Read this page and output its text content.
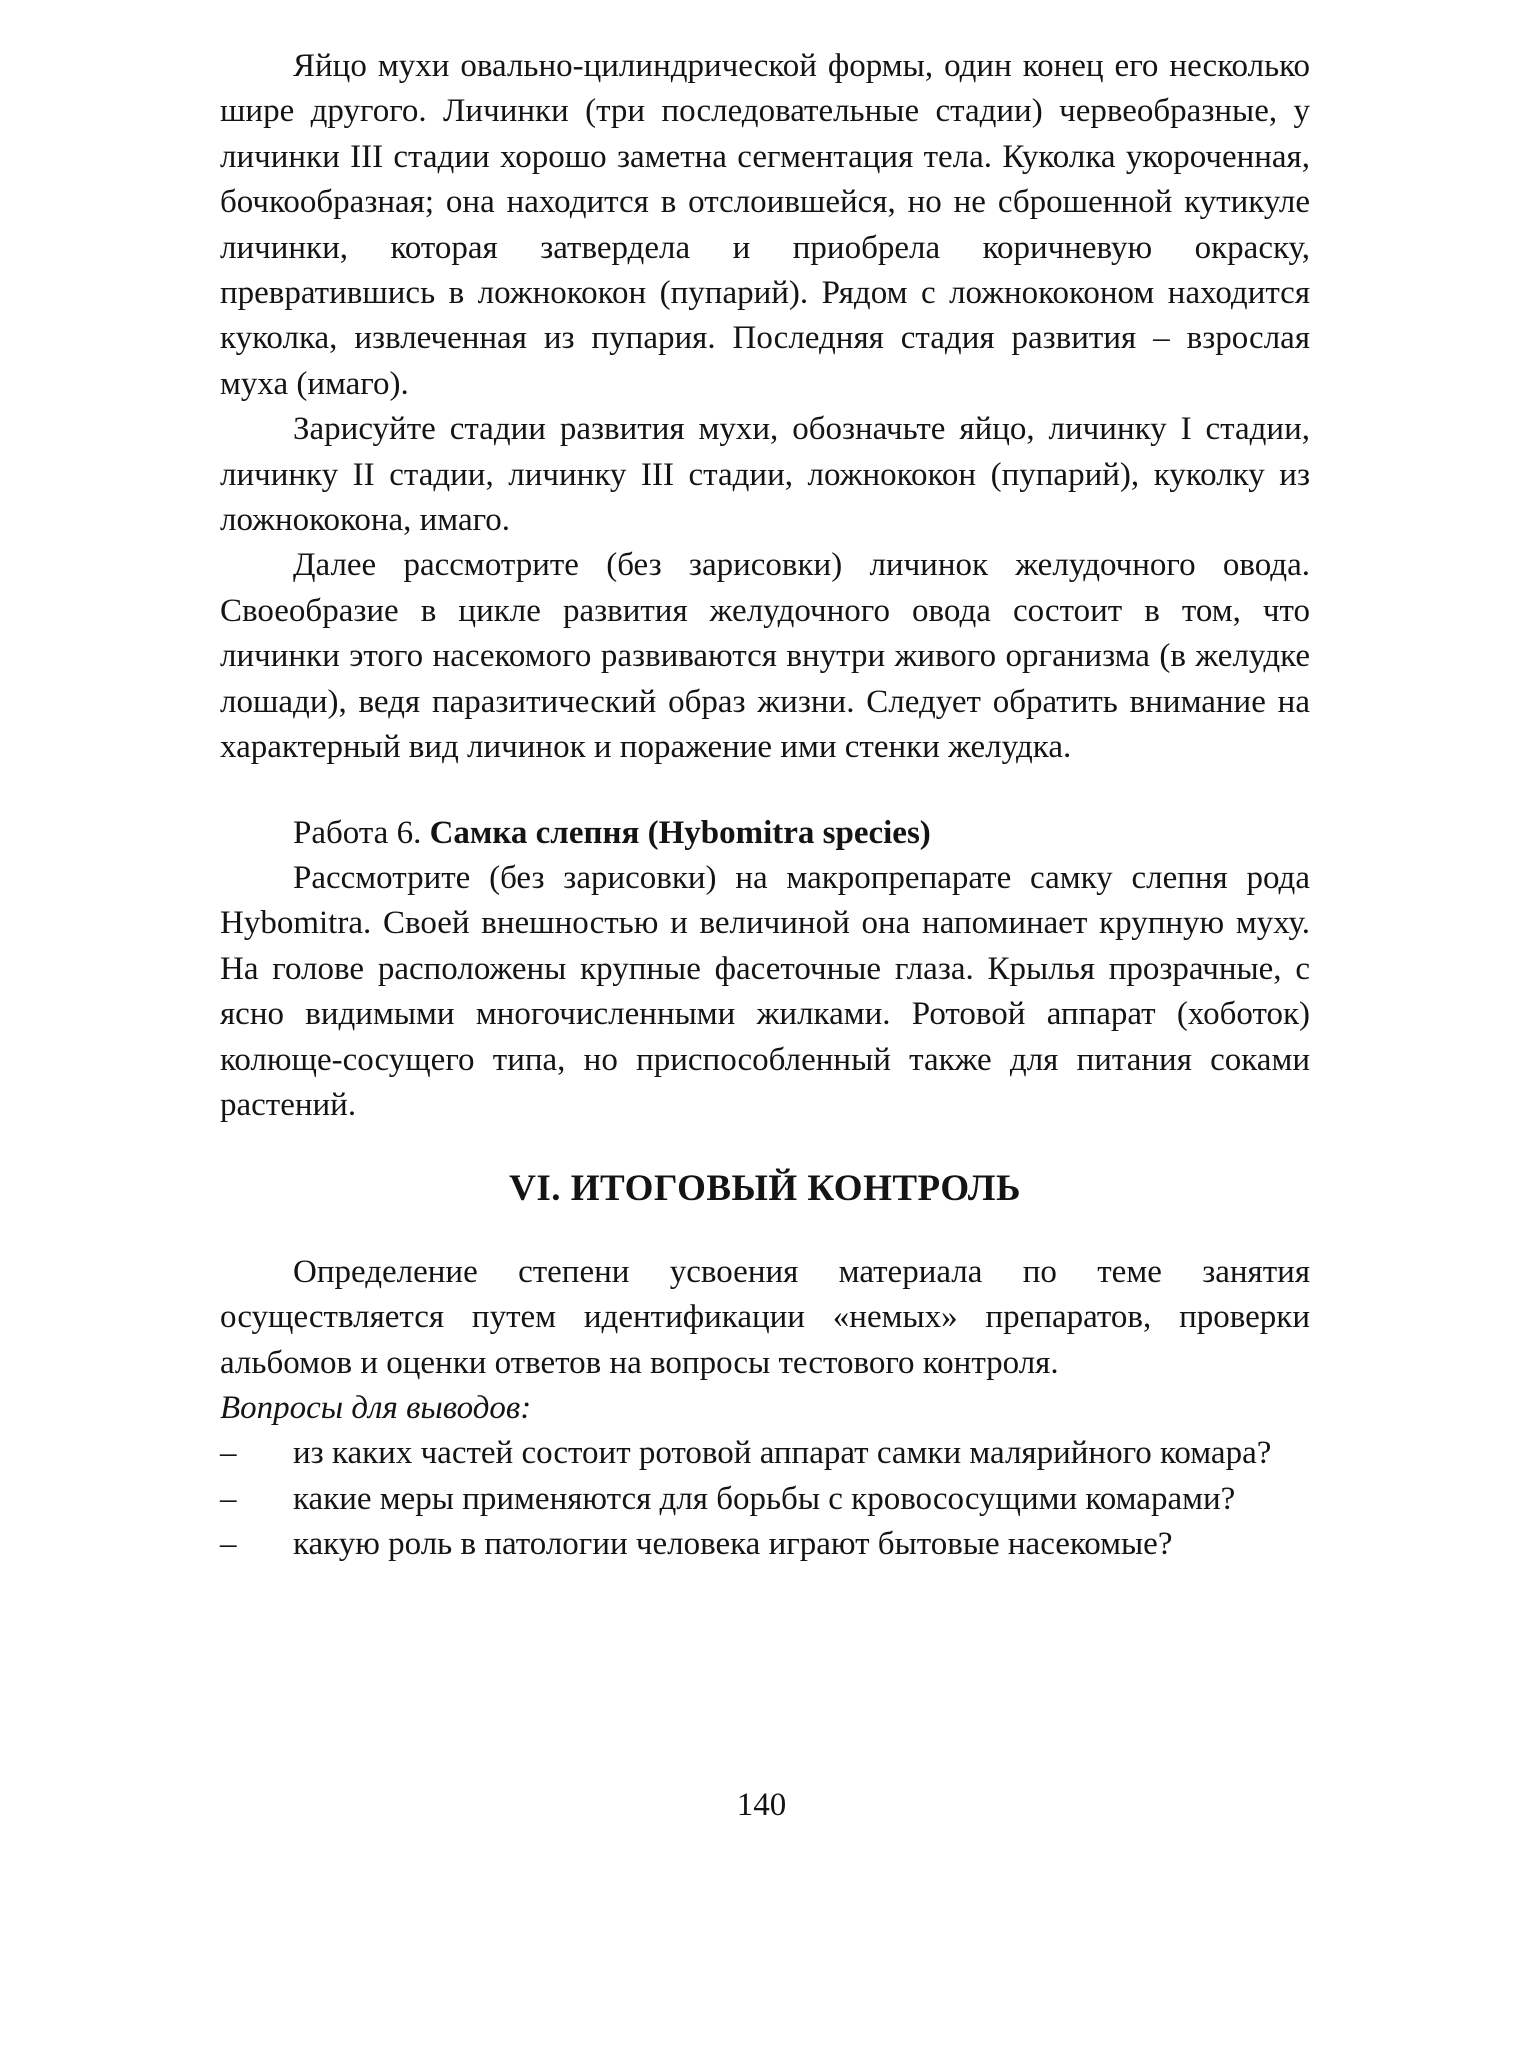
Яйцо мухи овально-цилиндрической формы, один конец его несколько шире другого. Личинки (три последовательные стадии) червеобразные, у личинки III стадии хорошо заметна сегментация тела. Куколка укороченная, бочкообразная; она находится в отслоившейся, но не сброшенной кутикуле личинки, которая затвердела и приобрела коричневую окраску, превратившись в ложнококон (пупарий). Рядом с ложнококоном находится куколка, извлеченная из пупария. Последняя стадия развития – взрослая муха (имаго).

Зарисуйте стадии развития мухи, обозначьте яйцо, личинку I стадии, личинку II стадии, личинку III стадии, ложнококон (пупарий), куколку из ложнококона, имаго.

Далее рассмотрите (без зарисовки) личинок желудочного овода. Своеобразие в цикле развития желудочного овода состоит в том, что личинки этого насекомого развиваются внутри живого организма (в желудке лошади), ведя паразитический образ жизни. Следует обратить внимание на характерный вид личинок и поражение ими стенки желудка.

Работа 6. Самка слепня (Hybomitra species)

Рассмотрите (без зарисовки) на макропрепарате самку слепня рода Hybomitra. Своей внешностью и величиной она напоминает крупную муху. На голове расположены крупные фасеточные глаза. Крылья прозрачные, с ясно видимыми многочисленными жилками. Ротовой аппарат (хоботок) колюще-сосущего типа, но приспособленный также для питания соками растений.

VI. ИТОГОВЫЙ КОНТРОЛЬ

Определение степени усвоения материала по теме занятия осуществляется путем идентификации «немых» препаратов, проверки альбомов и оценки ответов на вопросы тестового контроля.

Вопросы для выводов:

– из каких частей состоит ротовой аппарат самки малярийного комара?
– какие меры применяются для борьбы с кровососущими комарами?
– какую роль в патологии человека играют бытовые насекомые?
140
